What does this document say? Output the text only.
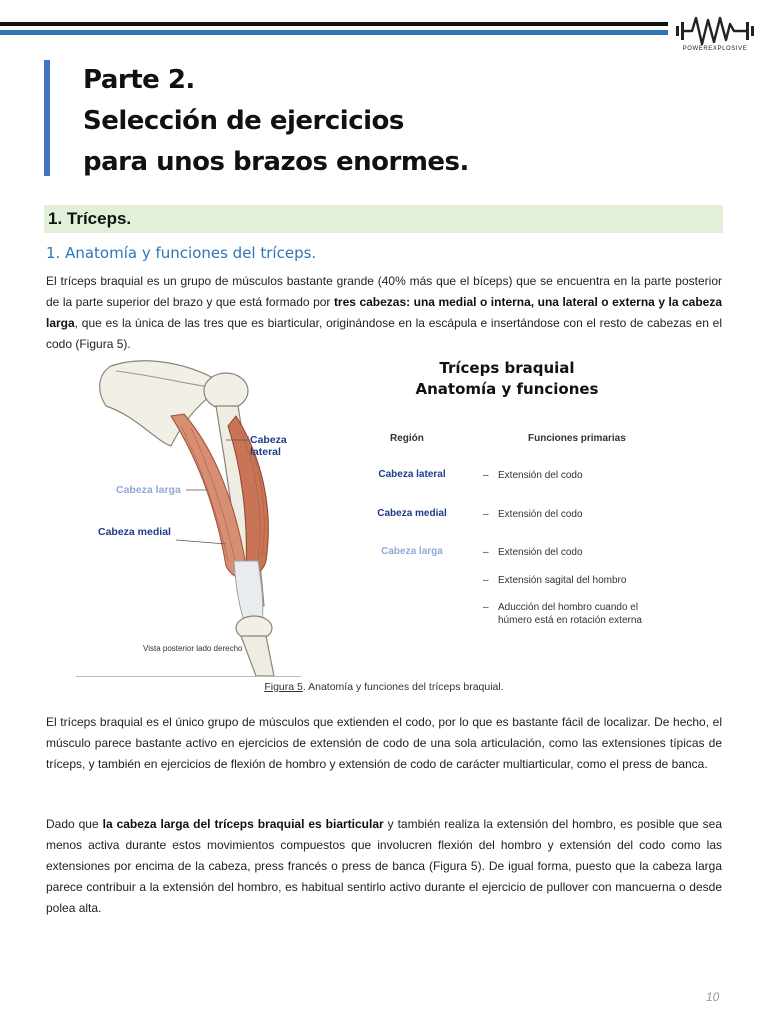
POWEREXPLOSIVE
Parte 2.
Selección de ejercicios
para unos brazos enormes.
1. Tríceps.
1. Anatomía y funciones del tríceps.

El tríceps braquial es un grupo de músculos bastante grande (40% más que el bíceps) que se encuentra en la parte posterior de la parte superior del brazo y que está formado por tres cabezas: una medial o interna, una lateral o externa y la cabeza larga, que es la única de las tres que es biarticular, originándose en la escápula e insertándose con el resto de cabezas en el codo (Figura 5).

Cabeza lateral
Cabeza larga
Cabeza medial
Vista posterior lado derecho
Tríceps braquial
Anatomía y funciones
Región	Funciones primarias
Cabeza lateral	– Extensión del codo
Cabeza medial	– Extensión del codo
Cabeza larga	– Extensión del codo
– Extensión sagital del hombro
– Aducción del hombro cuando el
húmero está en rotación externa

Figura 5. Anatomía y funciones del tríceps braquial.

El tríceps braquial es el único grupo de músculos que extienden el codo, por lo que es bastante fácil de localizar. De hecho, el músculo parece bastante activo en ejercicios de extensión de codo de una sola articulación, como las extensiones típicas de tríceps, y también en ejercicios de flexión de hombro y extensión de codo de carácter multiarticular, como el press de banca.

Dado que la cabeza larga del tríceps braquial es biarticular y también realiza la extensión del hombro, es posible que sea menos activa durante estos movimientos compuestos que involucren flexión del hombro y extensión del codo como las extensiones por encima de la cabeza, press francés o press de banca (Figura 5). De igual forma, puesto que la cabeza larga parece contribuir a la extensión del hombro, es habitual sentirlo activo durante el ejercicio de pullover con mancuerna o desde polea alta.

10
